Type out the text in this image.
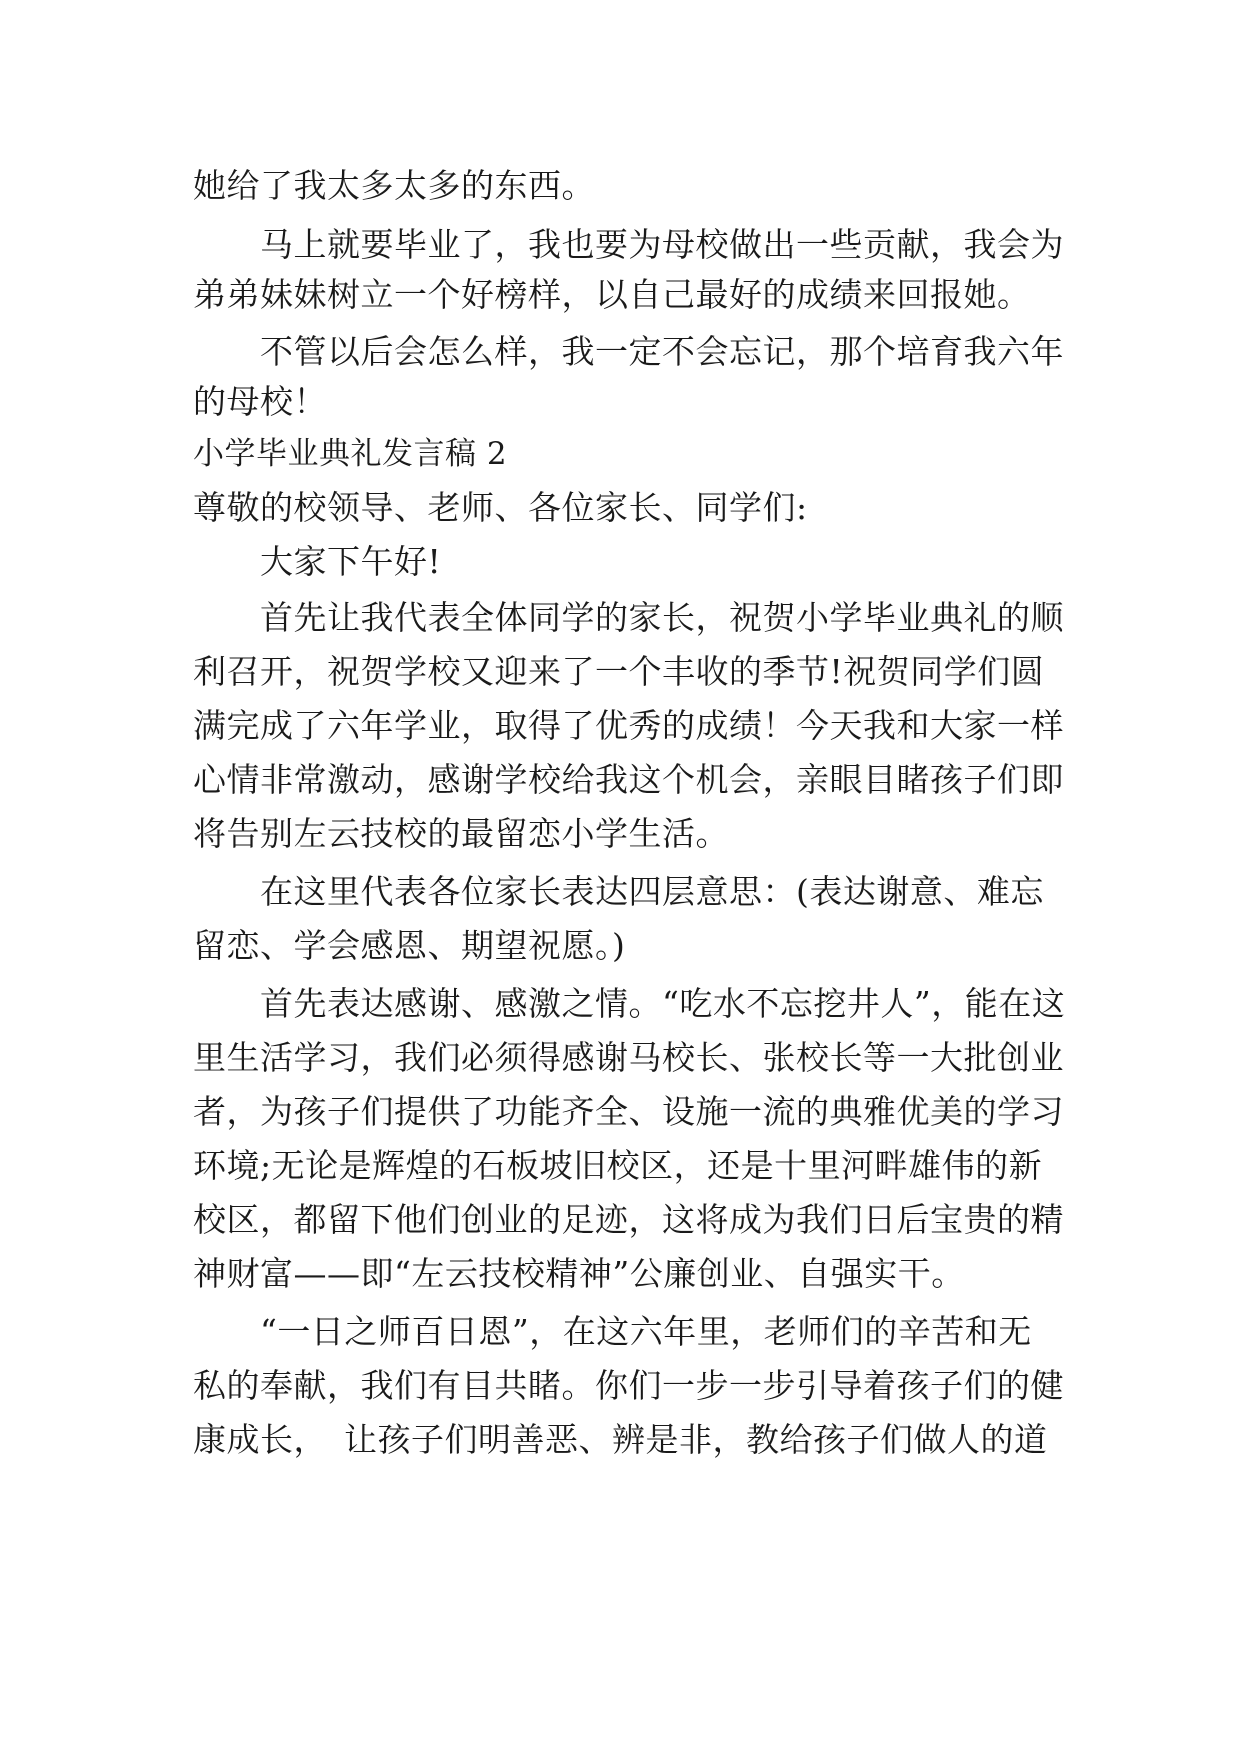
她给了我太多太多的东西。
　　马上就要毕业了，我也要为母校做出一些贡献，我会为
弟弟妹妹树立一个好榜样，以自己最好的成绩来回报她。
　　不管以后会怎么样，我一定不会忘记，那个培育我六年
的母校！
小学毕业典礼发言稿 2
尊敬的校领导、老师、各位家长、同学们:
　　大家下午好!
　　首先让我代表全体同学的家长，祝贺小学毕业典礼的顺
利召开，祝贺学校又迎来了一个丰收的季节!祝贺同学们圆
满完成了六年学业，取得了优秀的成绩！今天我和大家一样
心情非常激动，感谢学校给我这个机会，亲眼目睹孩子们即
将告别左云技校的最留恋小学生活。
　　在这里代表各位家长表达四层意思：(表达谢意、难忘
留恋、学会感恩、期望祝愿。)
　　首先表达感谢、感激之情。“吃水不忘挖井人”，能在这
里生活学习，我们必须得感谢马校长、张校长等一大批创业
者，为孩子们提供了功能齐全、设施一流的典雅优美的学习
环境;无论是辉煌的石板坡旧校区，还是十里河畔雄伟的新
校区，都留下他们创业的足迹，这将成为我们日后宝贵的精
神财富——即“左云技校精神”公廉创业、自强实干。
　　“一日之师百日恩”，在这六年里，老师们的辛苦和无
私的奉献，我们有目共睹。你们一步一步引导着孩子们的健
康成长，　让孩子们明善恶、辨是非，教给孩子们做人的道
